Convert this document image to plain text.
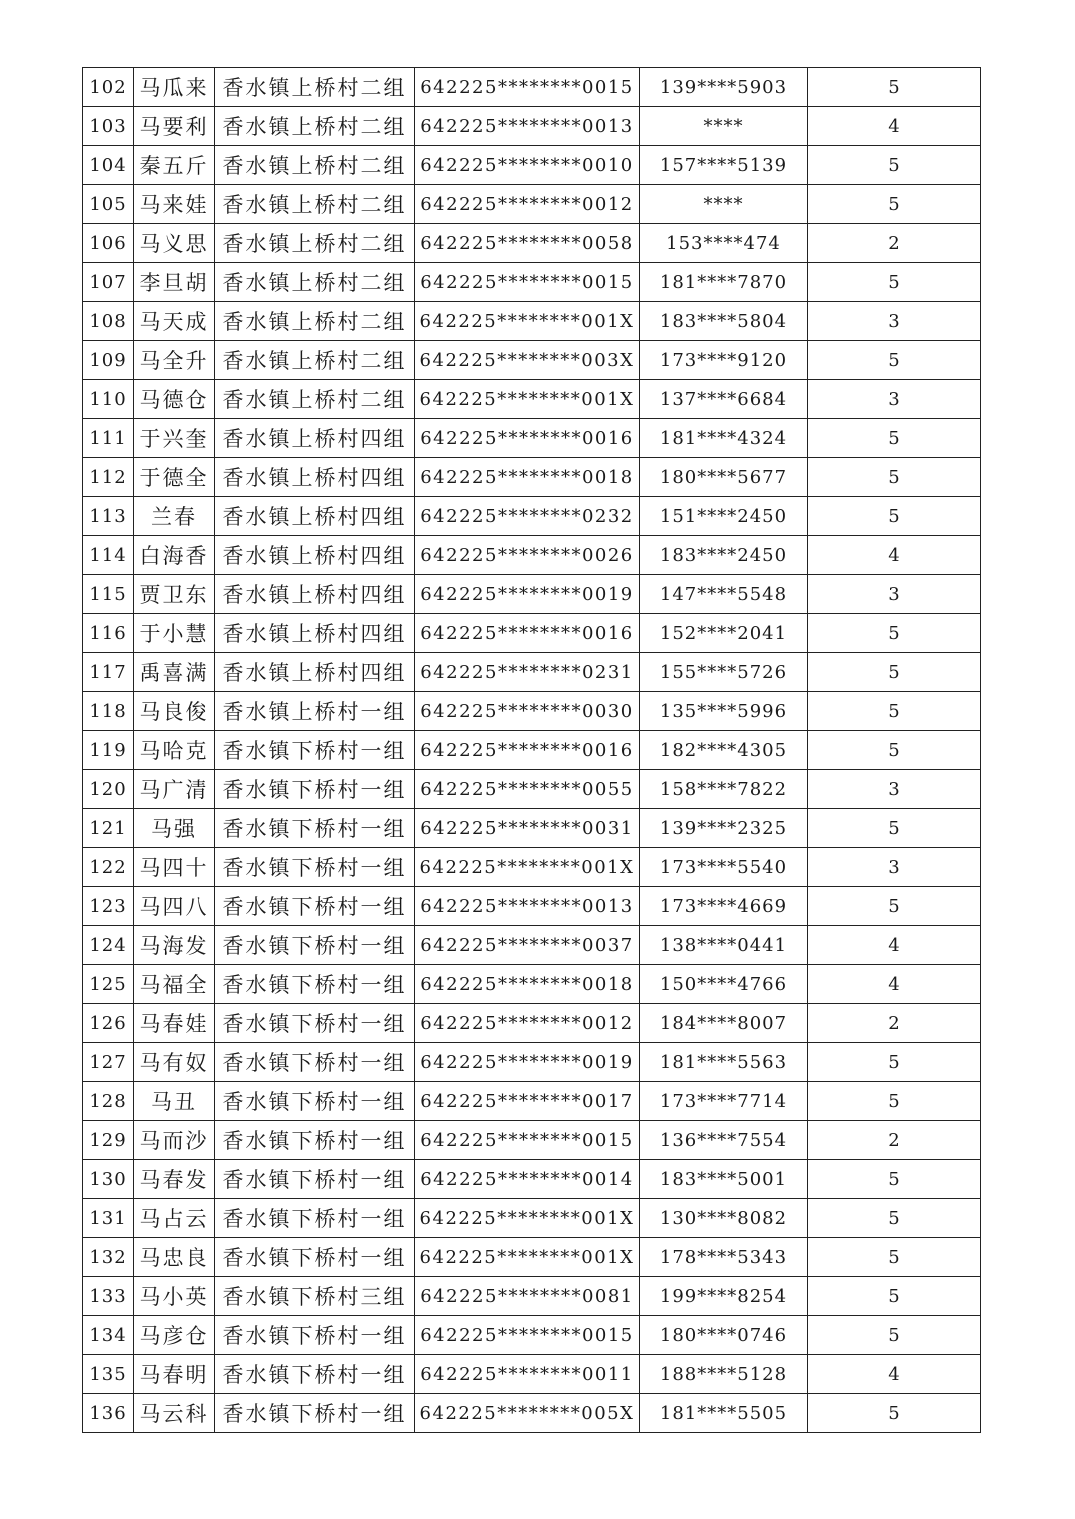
102	马瓜来	香水镇上桥村二组	642225********0015	139****5903	5
103	马要利	香水镇上桥村二组	642225********0013	****	4
104	秦五斤	香水镇上桥村二组	642225********0010	157****5139	5
105	马来娃	香水镇上桥村二组	642225********0012	****	5
106	马义思	香水镇上桥村二组	642225********0058	153****474	2
107	李旦胡	香水镇上桥村二组	642225********0015	181****7870	5
108	马天成	香水镇上桥村二组	642225********001X	183****5804	3
109	马全升	香水镇上桥村二组	642225********003X	173****9120	5
110	马德仓	香水镇上桥村二组	642225********001X	137****6684	3
111	于兴奎	香水镇上桥村四组	642225********0016	181****4324	5
112	于德全	香水镇上桥村四组	642225********0018	180****5677	5
113	兰春	香水镇上桥村四组	642225********0232	151****2450	5
114	白海香	香水镇上桥村四组	642225********0026	183****2450	4
115	贾卫东	香水镇上桥村四组	642225********0019	147****5548	3
116	于小慧	香水镇上桥村四组	642225********0016	152****2041	5
117	禹喜满	香水镇上桥村四组	642225********0231	155****5726	5
118	马良俊	香水镇上桥村一组	642225********0030	135****5996	5
119	马哈克	香水镇下桥村一组	642225********0016	182****4305	5
120	马广清	香水镇下桥村一组	642225********0055	158****7822	3
121	马强	香水镇下桥村一组	642225********0031	139****2325	5
122	马四十	香水镇下桥村一组	642225********001X	173****5540	3
123	马四八	香水镇下桥村一组	642225********0013	173****4669	5
124	马海发	香水镇下桥村一组	642225********0037	138****0441	4
125	马福全	香水镇下桥村一组	642225********0018	150****4766	4
126	马春娃	香水镇下桥村一组	642225********0012	184****8007	2
127	马有奴	香水镇下桥村一组	642225********0019	181****5563	5
128	马丑	香水镇下桥村一组	642225********0017	173****7714	5
129	马而沙	香水镇下桥村一组	642225********0015	136****7554	2
130	马春发	香水镇下桥村一组	642225********0014	183****5001	5
131	马占云	香水镇下桥村一组	642225********001X	130****8082	5
132	马忠良	香水镇下桥村一组	642225********001X	178****5343	5
133	马小英	香水镇下桥村三组	642225********0081	199****8254	5
134	马彦仓	香水镇下桥村一组	642225********0015	180****0746	5
135	马春明	香水镇下桥村一组	642225********0011	188****5128	4
136	马云科	香水镇下桥村一组	642225********005X	181****5505	5
